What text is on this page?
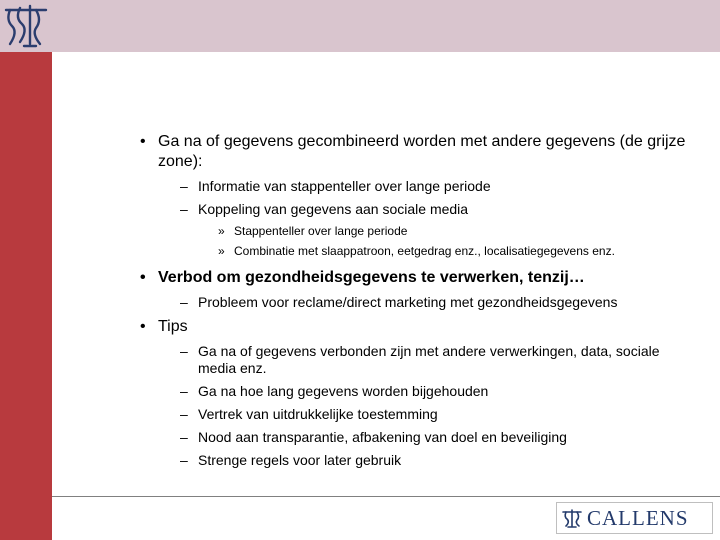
• Ga na of gegevens gecombineerd worden met andere gegevens (de grijze zone):
– Informatie van stappenteller over lange periode
– Koppeling van gegevens aan sociale media
» Stappenteller over lange periode
» Combinatie met slaappatroon, eetgedrag enz., localisatiegegevens enz.
• Verbod om gezondheidsgegevens te verwerken, tenzij…
– Probleem voor reclame/direct marketing met gezondheidsgegevens
• Tips
– Ga na of gegevens verbonden zijn met andere verwerkingen, data, sociale media enz.
– Ga na hoe lang gegevens worden bijgehouden
– Vertrek van uitdrukkelijke toestemming
– Nood aan transparantie, afbakening van doel en beveiliging
– Strenge regels voor later gebruik
CALLENS
